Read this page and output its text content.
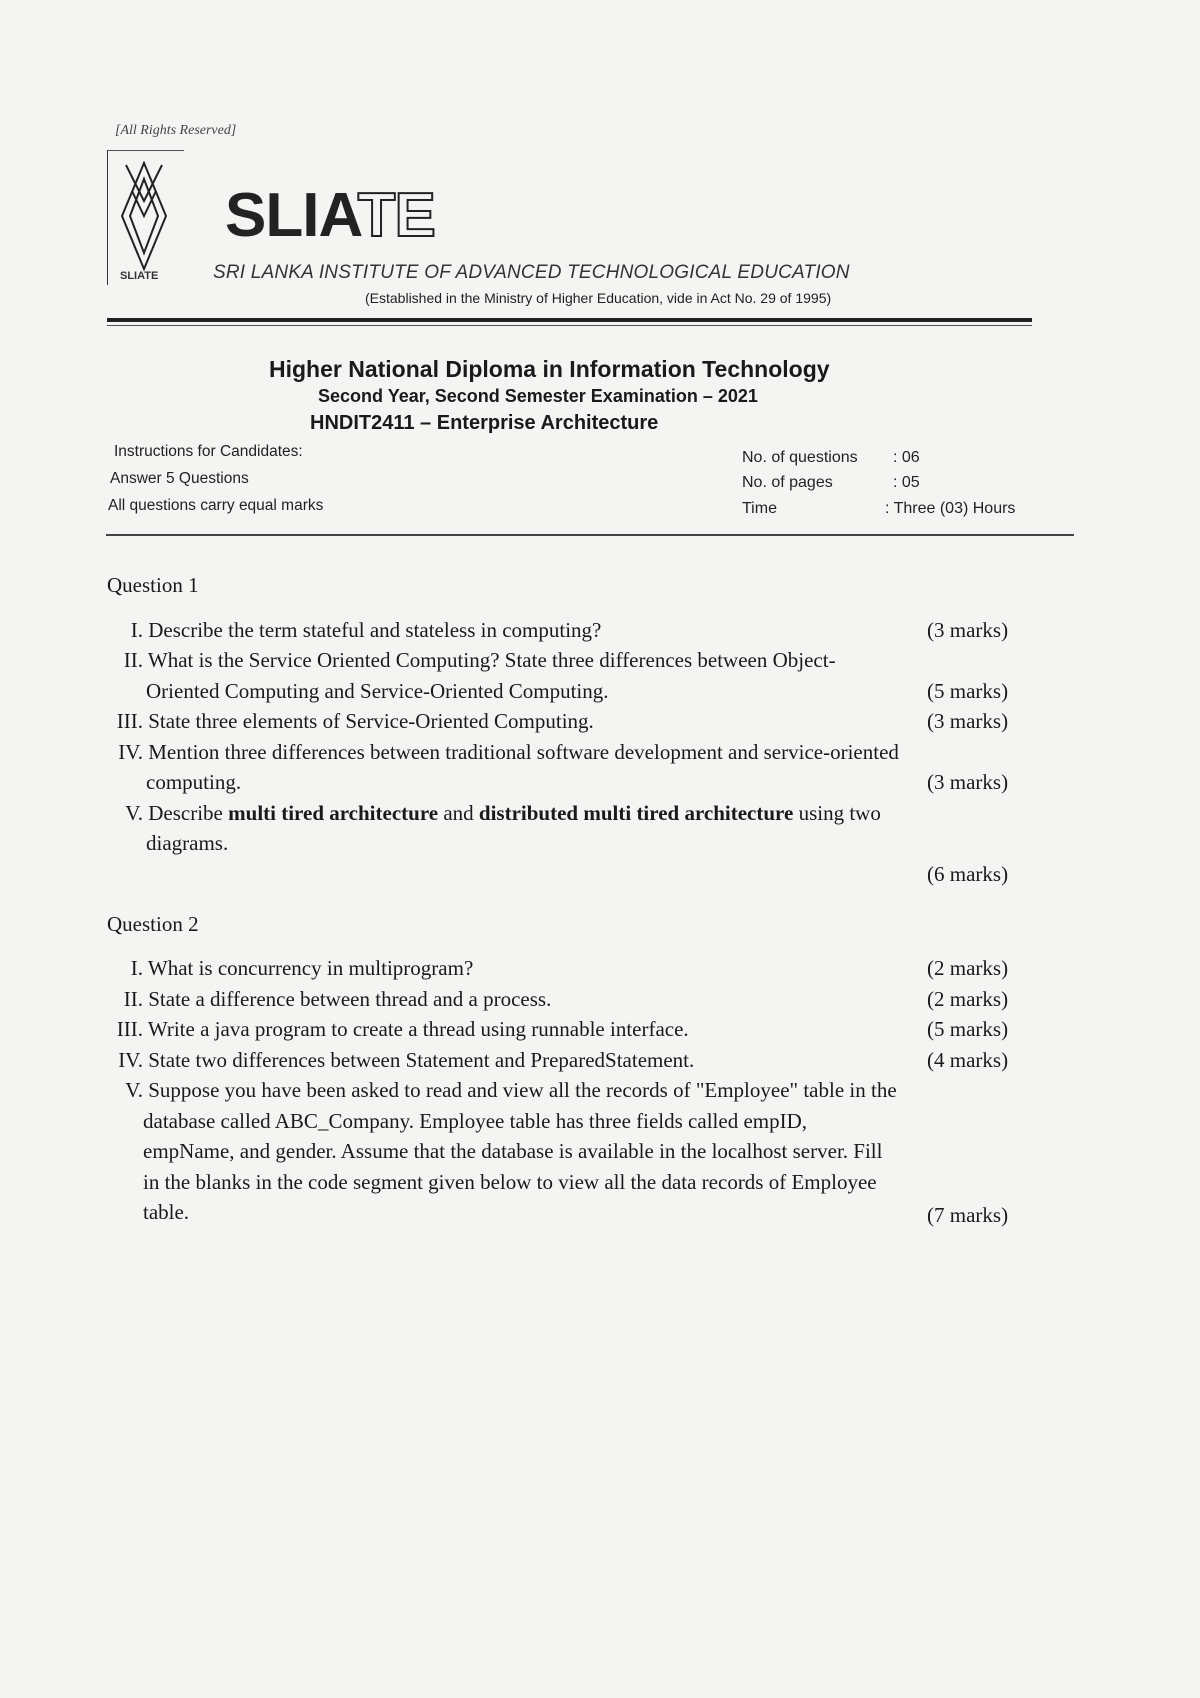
[All Rights Reserved]
SLIATE
SLIATE
SRI LANKA INSTITUTE OF ADVANCED TECHNOLOGICAL EDUCATION
(Established in the Ministry of Higher Education, vide in Act No. 29 of 1995)
Higher National Diploma in Information Technology
Second Year, Second Semester Examination – 2021
HNDIT2411 – Enterprise Architecture
Instructions for Candidates:
Answer 5 Questions
All questions carry equal marks
No. of questions : 06
No. of pages	: 05
Time	: Three (03) Hours
Question 1
I. Describe the term stateful and stateless in computing?	(3 marks)
II. What is the Service Oriented Computing? State three differences between Object-
Oriented Computing and Service-Oriented Computing.	(5 marks)
III. State three elements of Service-Oriented Computing.	(3 marks)
IV. Mention three differences between traditional software development and service-oriented
computing.	(3 marks)
V. Describe multi tired architecture and distributed multi tired architecture using two
diagrams.
(6 marks)
Question 2
I. What is concurrency in multiprogram?	(2 marks)
II. State a difference between thread and a process.	(2 marks)
III. Write a java program to create a thread using runnable interface.	(5 marks)
IV. State two differences between Statement and PreparedStatement.	(4 marks)
V. Suppose you have been asked to read and view all the records of "Employee" table in the
database called ABC_Company. Employee table has three fields called empID,
empName, and gender. Assume that the database is available in the localhost server. Fill
in the blanks in the code segment given below to view all the data records of Employee
table.	(7 marks)
